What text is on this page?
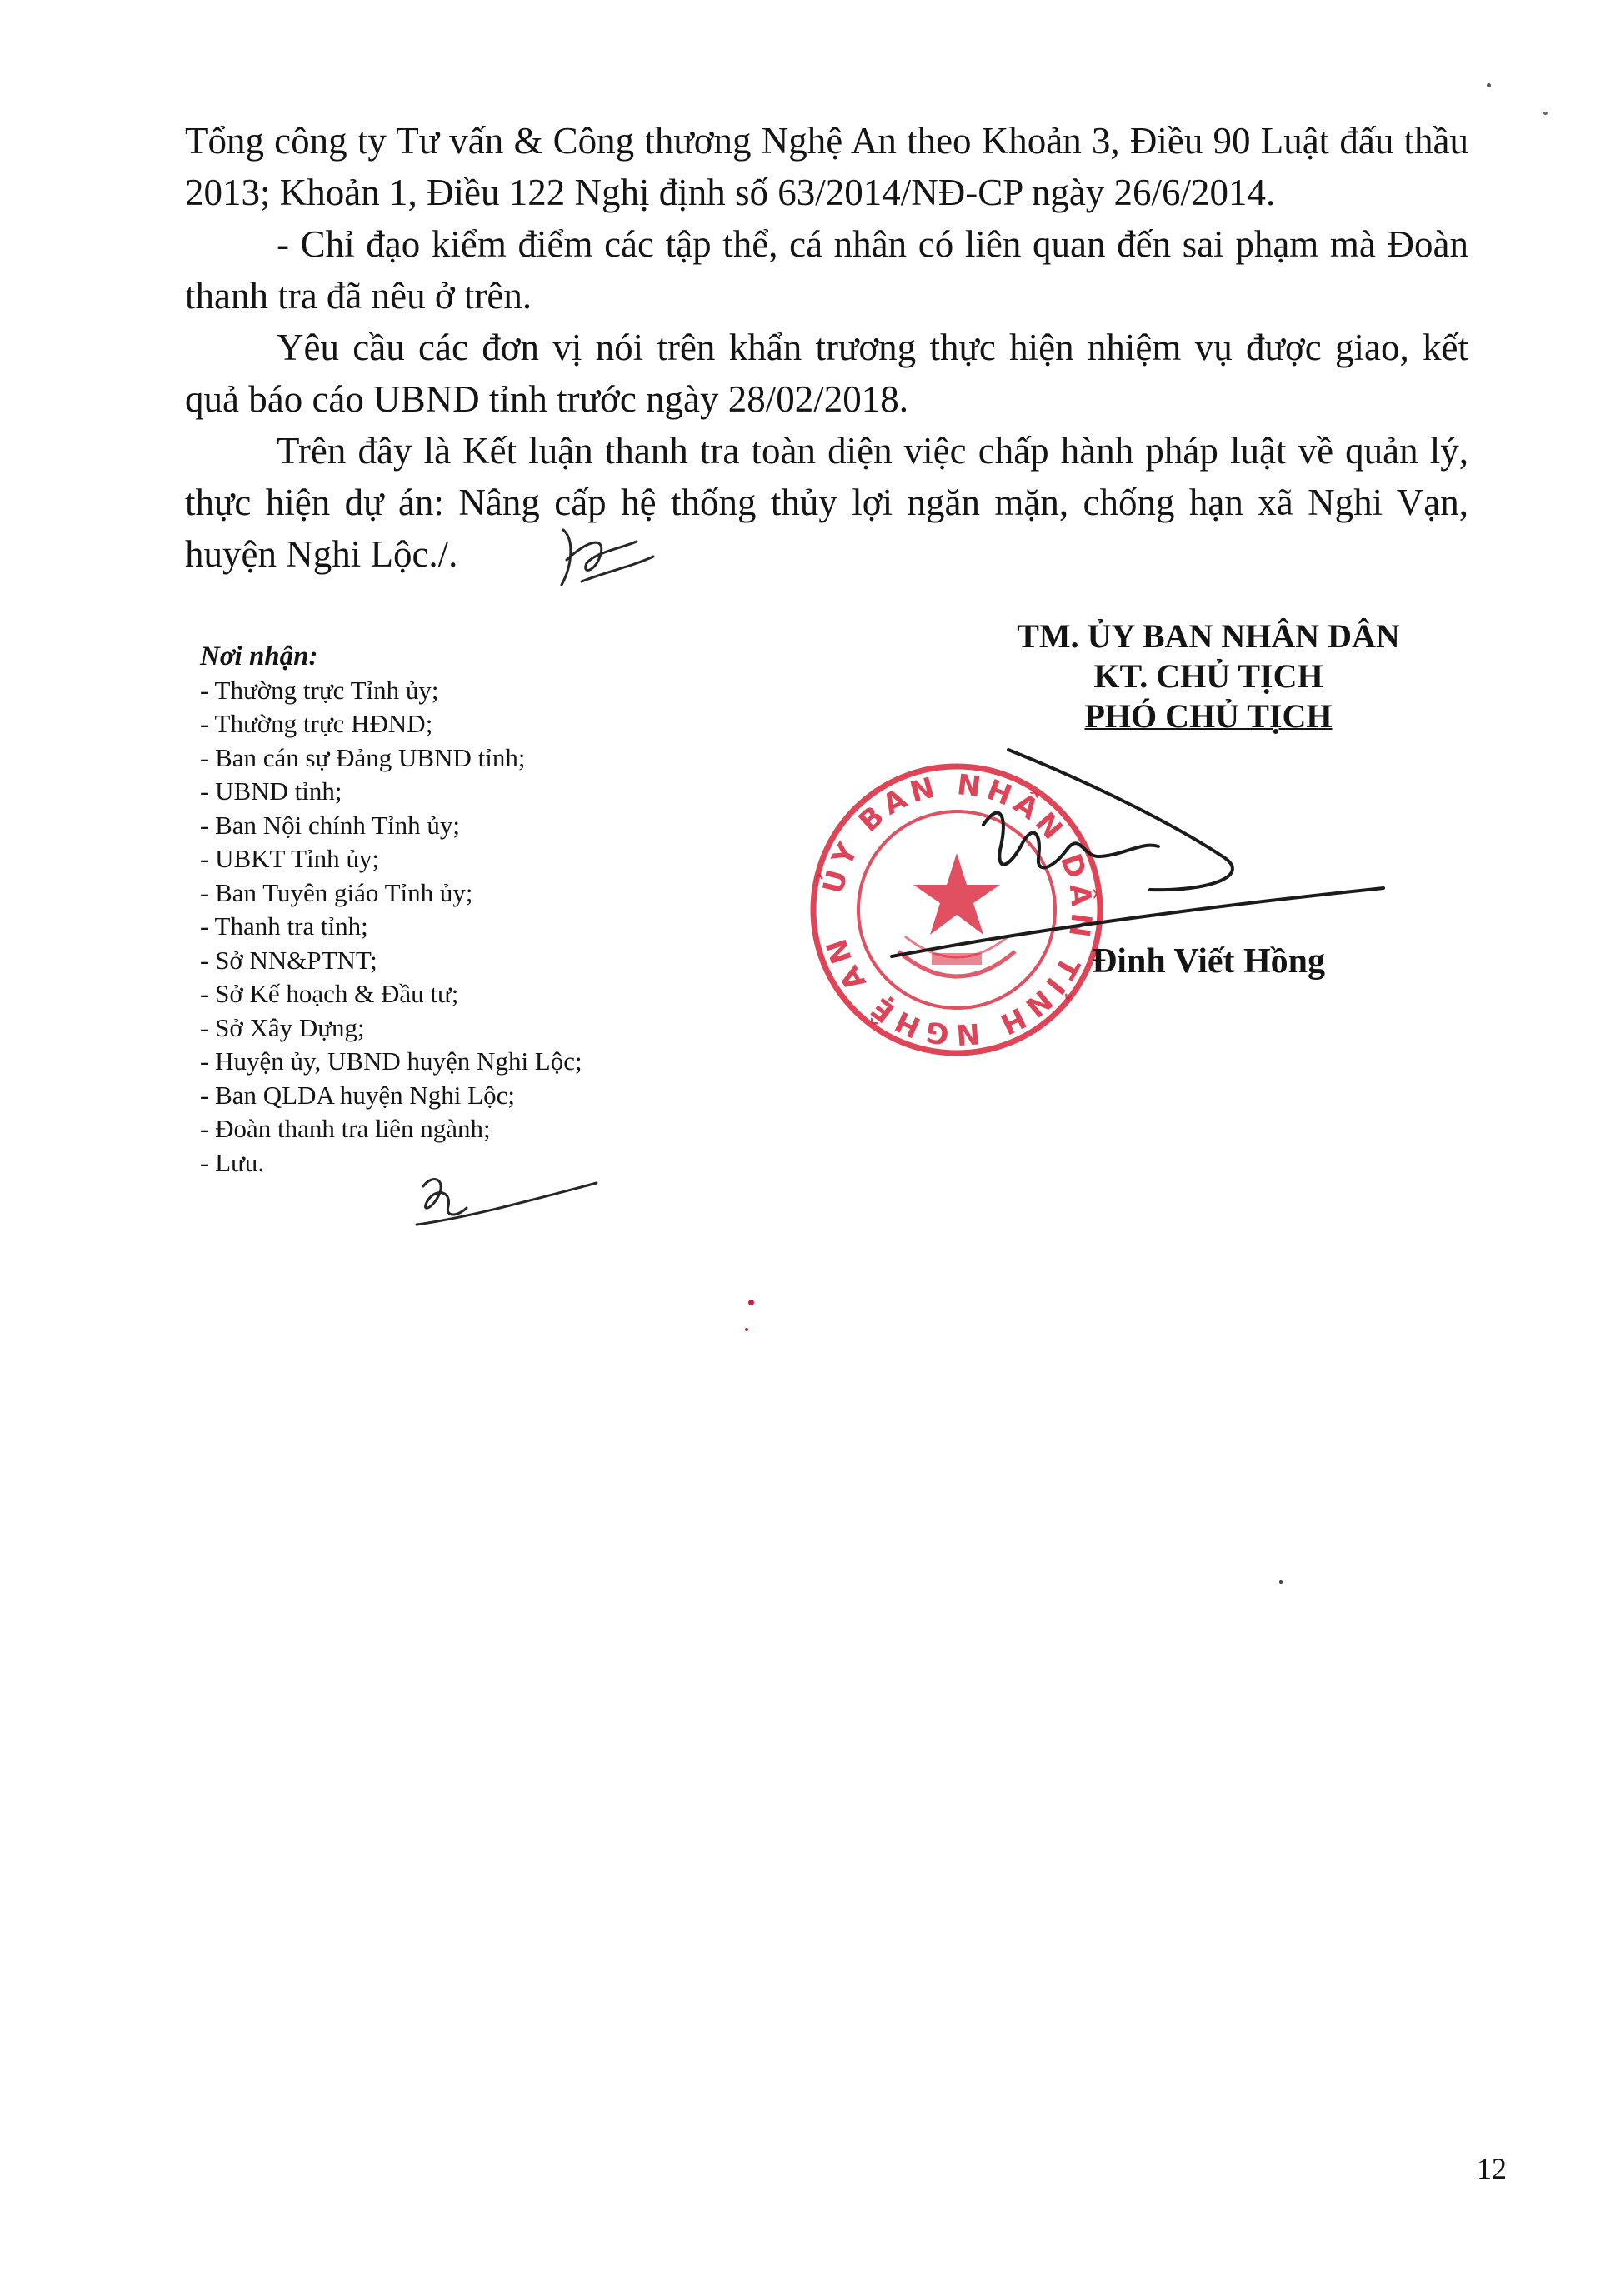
Tổng công ty Tư vấn & Công thương Nghệ An theo Khoản 3, Điều 90 Luật đấu thầu 2013; Khoản 1, Điều 122 Nghị định số 63/2014/NĐ-CP ngày 26/6/2014.

- Chỉ đạo kiểm điểm các tập thể, cá nhân có liên quan đến sai phạm mà Đoàn thanh tra đã nêu ở trên.

Yêu cầu các đơn vị nói trên khẩn trương thực hiện nhiệm vụ được giao, kết quả báo cáo UBND tỉnh trước ngày 28/02/2018.

Trên đây là Kết luận thanh tra toàn diện việc chấp hành pháp luật về quản lý, thực hiện dự án: Nâng cấp hệ thống thủy lợi ngăn mặn, chống hạn xã Nghi Vạn, huyện Nghi Lộc./.

Nơi nhận:
- Thường trực Tỉnh ủy;
- Thường trực HĐND;
- Ban cán sự Đảng UBND tỉnh;
- UBND tỉnh;
- Ban Nội chính Tỉnh ủy;
- UBKT Tỉnh ủy;
- Ban Tuyên giáo Tỉnh ủy;
- Thanh tra tỉnh;
- Sở NN&PTNT;
- Sở Kế hoạch & Đầu tư;
- Sở Xây Dựng;
- Huyện ủy, UBND huyện Nghi Lộc;
- Ban QLDA huyện Nghi Lộc;
- Đoàn thanh tra liên ngành;
- Lưu.
TM. ỦY BAN NHÂN DÂN
KT. CHỦ TỊCH
PHÓ CHỦ TỊCH
ỦY BAN NHÂN DÂN TỈNH NGHỆ AN	Đinh Viết Hồng
12
